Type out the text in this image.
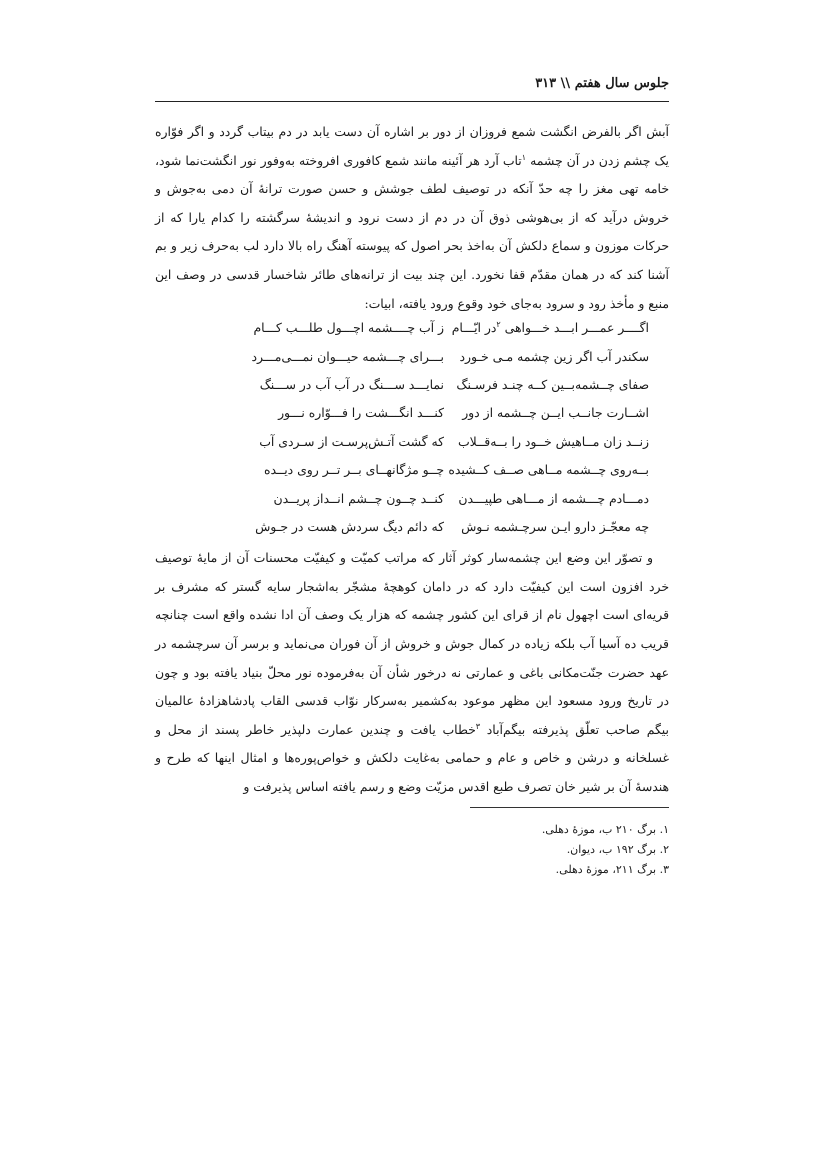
جلوس سال هفتم \\ ۳۱۳

آبش اگر بالفرض انگشت شمع فروزان از دور بر اشاره آن دست یابد در دم بیتاب گردد و اگر فوّاره یک چشم زدن در آن چشمه $^۱$تاب آرد هر آئینه مانند شمع کافوری افروخته به‌وفور نور انگشت‌نما شود، خامه تهی مغز را چه حدّ آنکه در توصیف لطف جوشش و حسن صورت ترانهٔ آن دمی به‌جوش و خروش درآید که از بی‌هوشی ذوق آن در دم از دست نرود و اندیشهٔ سرگشته را کدام یارا که از حرکات موزون و سماع دلکش آن به‌اخذ بحر اصول که پیوسته آهنگ راه بالا دارد لب به‌حرف زیر و بم آشنا کند که در همان مقدّم قفا نخورد. این چند بیت از ترانه‌های طائر شاخسار قدسی در وصف این منبع و مأخذ رود و سرود به‌جای خود وقوع ورود یافته، ابیات:

اگــــر عمـــر ابـــد خـــواهی $^۲$در ایّـــام
ز آب چــــشمه اچـــول طلـــب کـــام
سکندر آب اگر زین چشمه مـی خـورد
بـــرای چـــشمه حیـــوان نمـــی‌مـــرد
صفای چــشمه‌بــین کــه چنـد فرسـنگ
نمایـــد ســـنگ در آب آب در ســـنگ
اشــارت جانــب ایــن چــشمه از دور
کنـــد انگـــشت را فـــوّاره نـــور
زنــد زان مــاهیش خــود را بــه‌قــلاب
که گشت آتـش‌پرسـت از سـردی آب
بــه‌روی چــشمه مــاهی صــف کــشیده
چــو مژگانهــای بــر تــر روی دیــده
دمـــادم چـــشمه از مـــاهی طپیـــدن
کنــد چــون چــشم انــداز پریــدن
چه معجّـز دارو ایـن سرچـشمه نـوش
که دائم دیگ سردش هست در جـوش

و تصوّر این وضع این چشمه‌سار کوثر آثار که مراتب کمیّت و کیفیّت محسنات آن از مایهٔ توصیف خرد افزون است این کیفیّت دارد که در دامان کوهچهٔ مشجّر به‌اشجار سایه گستر که مشرف بر قریه‌ای است اچهول نام از قرای این کشور چشمه که هزار یک وصف آن ادا نشده واقع است چنانچه قریب ده آسیا آب بلکه زیاده در کمال جوش و خروش از آن فوران می‌نماید و برسر آن سرچشمه در عهد حضرت جنّت‌مکانی باغی و عمارتی نه درخور شأن آن به‌فرموده نور محلّ بنیاد یافته بود و چون در تاریخ ورود مسعود این مظهر موعود به‌کشمیر به‌سرکار نوّاب قدسی القاب پادشاهزادهٔ عالمیان بیگم صاحب تعلّق پذیرفته بیگم‌آباد $^۳$خطاب یافت و چندین عمارت دلپذیر خاطر پسند از محل و غسلخانه و درشن و خاص و عام و حمامی به‌غایت دلکش و خواص‌پوره‌ها و امثال اینها که طرح و هندسهٔ آن بر شیر خان تصرف طبع اقدس مزیّت وضع و رسم یافته اساس پذیرفت و

۱. برگ ۲۱۰ ب، موزهٔ دهلی.
۲. برگ ۱۹۲ ب، دیوان.
۳. برگ ۲۱۱، موزهٔ دهلی.
